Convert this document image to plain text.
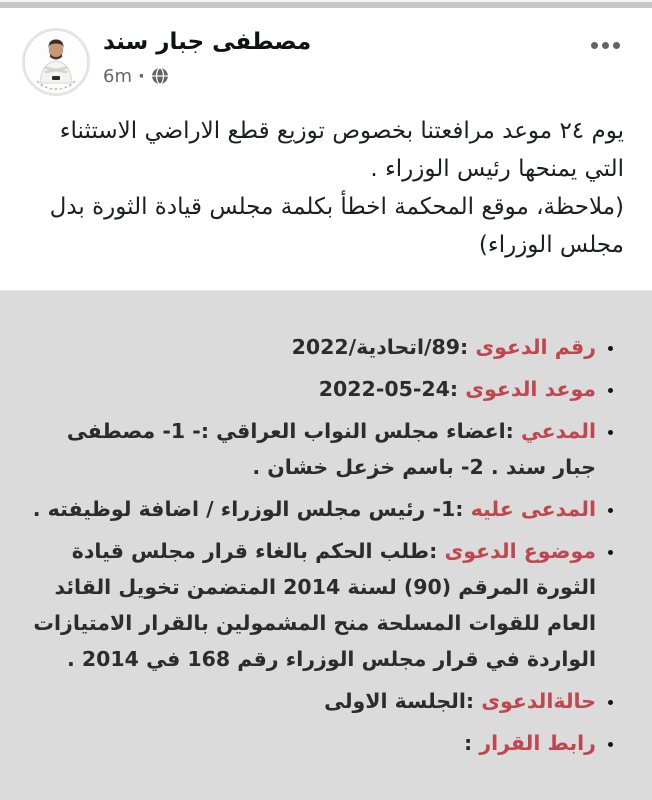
مصطفى جبار سند
6m ·

يوم ٢٤ موعد مرافعتنا بخصوص توزيع قطع الاراضي الاستثناء التي يمنحها رئيس الوزراء .

(ملاحظة، موقع المحكمة اخطأ بكلمة مجلس قيادة الثورة بدل مجلس الوزراء)

• رقم الدعوى :89/اتحادية/2022
• موعد الدعوى :24-05-2022
• المدعي :اعضاء مجلس النواب العراقي :- 1- مصطفى جبار سند . 2- باسم خزعل خشان .
• المدعى عليه :1- رئيس مجلس الوزراء / اضافة لوظيفته .
• موضوع الدعوى :طلب الحكم بالغاء قرار مجلس قيادة الثورة المرقم (90) لسنة 2014 المتضمن تخويل القائد العام للقوات المسلحة منح المشمولين بالقرار الامتيازات الواردة في قرار مجلس الوزراء رقم 168 في 2014 .
• حالةالدعوى :الجلسة الاولى
• رابط القرار :
